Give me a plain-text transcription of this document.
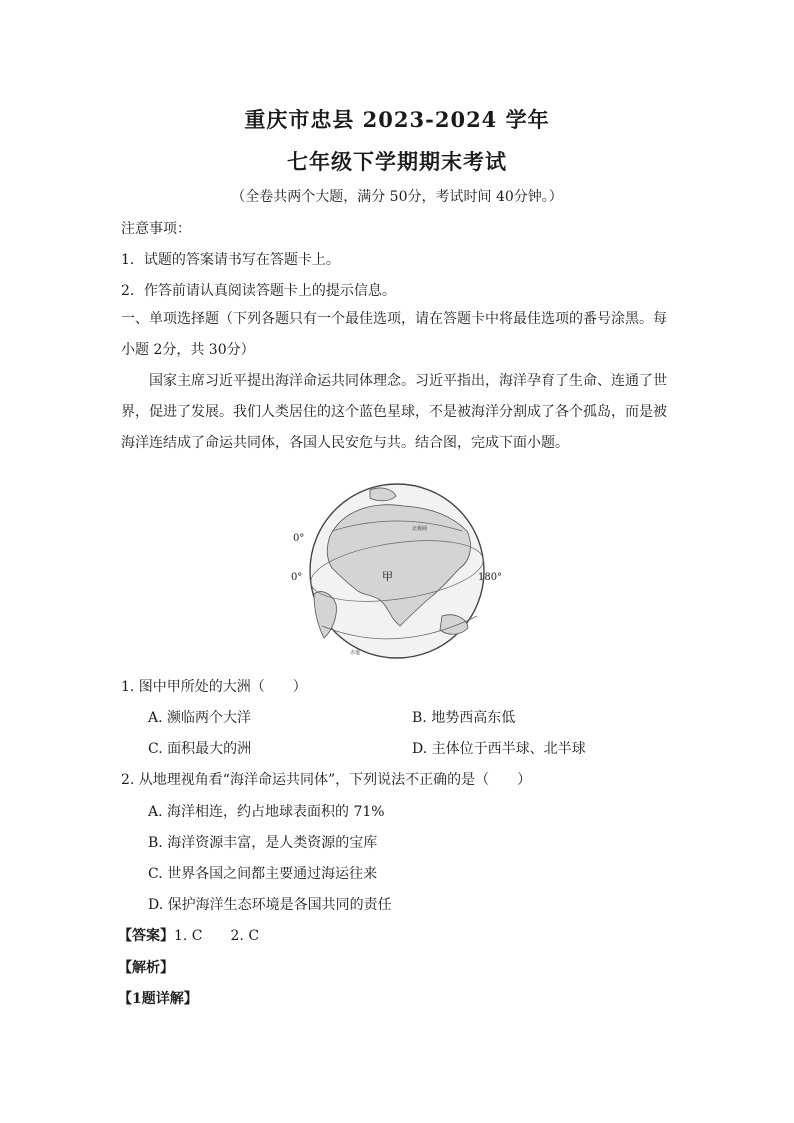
重庆市忠县 2023-2024 学年
七年级下学期期末考试
（全卷共两个大题，满分 50分，考试时间 40分钟。）
注意事项：
1．试题的答案请书写在答题卡上。
2．作答前请认真阅读答题卡上的提示信息。
一、单项选择题（下列各题只有一个最佳选项，请在答题卡中将最佳选项的番号涂黑。每小题 2分，共 30分）
国家主席习近平提出海洋命运共同体理念。习近平指出，海洋孕育了生命、连通了世界，促进了发展。我们人类居住的这个蓝色星球，不是被海洋分割成了各个孤岛，而是被海洋连结成了命运共同体，各国人民安危与共。结合图，完成下面小题。
北极圈
赤道
甲
0°
0°	180°
1. 图中甲所处的大洲（　　）
A. 濒临两个大洋	B. 地势西高东低
C. 面积最大的洲	D. 主体位于西半球、北半球
2. 从地理视角看“海洋命运共同体”，下列说法不正确的是（　　）
A. 海洋相连，约占地球表面积的 71%
B. 海洋资源丰富，是人类资源的宝库
C. 世界各国之间都主要通过海运往来
D. 保护海洋生态环境是各国共同的责任
【答案】1. C　　2. C
【解析】
【1题详解】
